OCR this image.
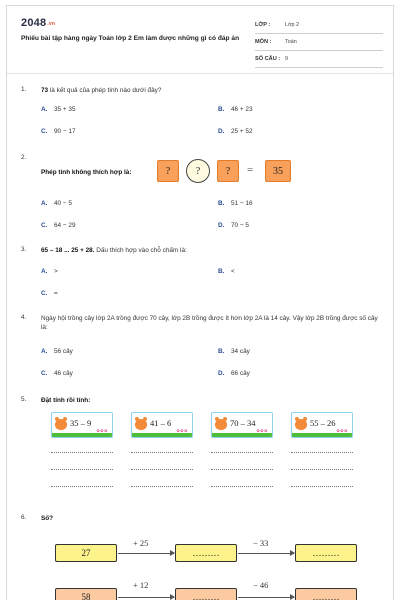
2048.vn
Phiếu bài tập hàng ngày Toán lớp 2 Em làm được những gì có đáp án
LỚP :	Lớp 2
MÔN :	Toán
SỐ CÂU : 9
1. 73 là kết quả của phép tính nào dưới đây?
A. 35 + 35	B. 46 + 23
C. 90 − 17	D. 25 + 52
2.
Phép tính không thích hợp là:	?	?	?	=	35
A. 40 − 5	B. 51 − 16
C. 64 − 29	D. 70 − 5
3. 65 – 18 ... 25 + 28. Dấu thích hợp vào chỗ chấm là:
A. >	B. <
C. =
4. Ngày hội trồng cây lớp 2A trồng được 70 cây, lớp 2B trồng được ít hơn lớp 2A là 14 cây. Vậy lớp 2B trồng được số cây là:
A. 56 cây	B. 34 cây
C. 46 cây	D. 66 cây
5. Đặt tính rồi tính:
35 – 9
✿✿✿
41 – 6
✿✿✿
70 – 34
✿✿✿
55 – 26
✿✿✿
6. Số?
27
+ 25
………
− 33
………
58
+ 12
………
− 46
………
